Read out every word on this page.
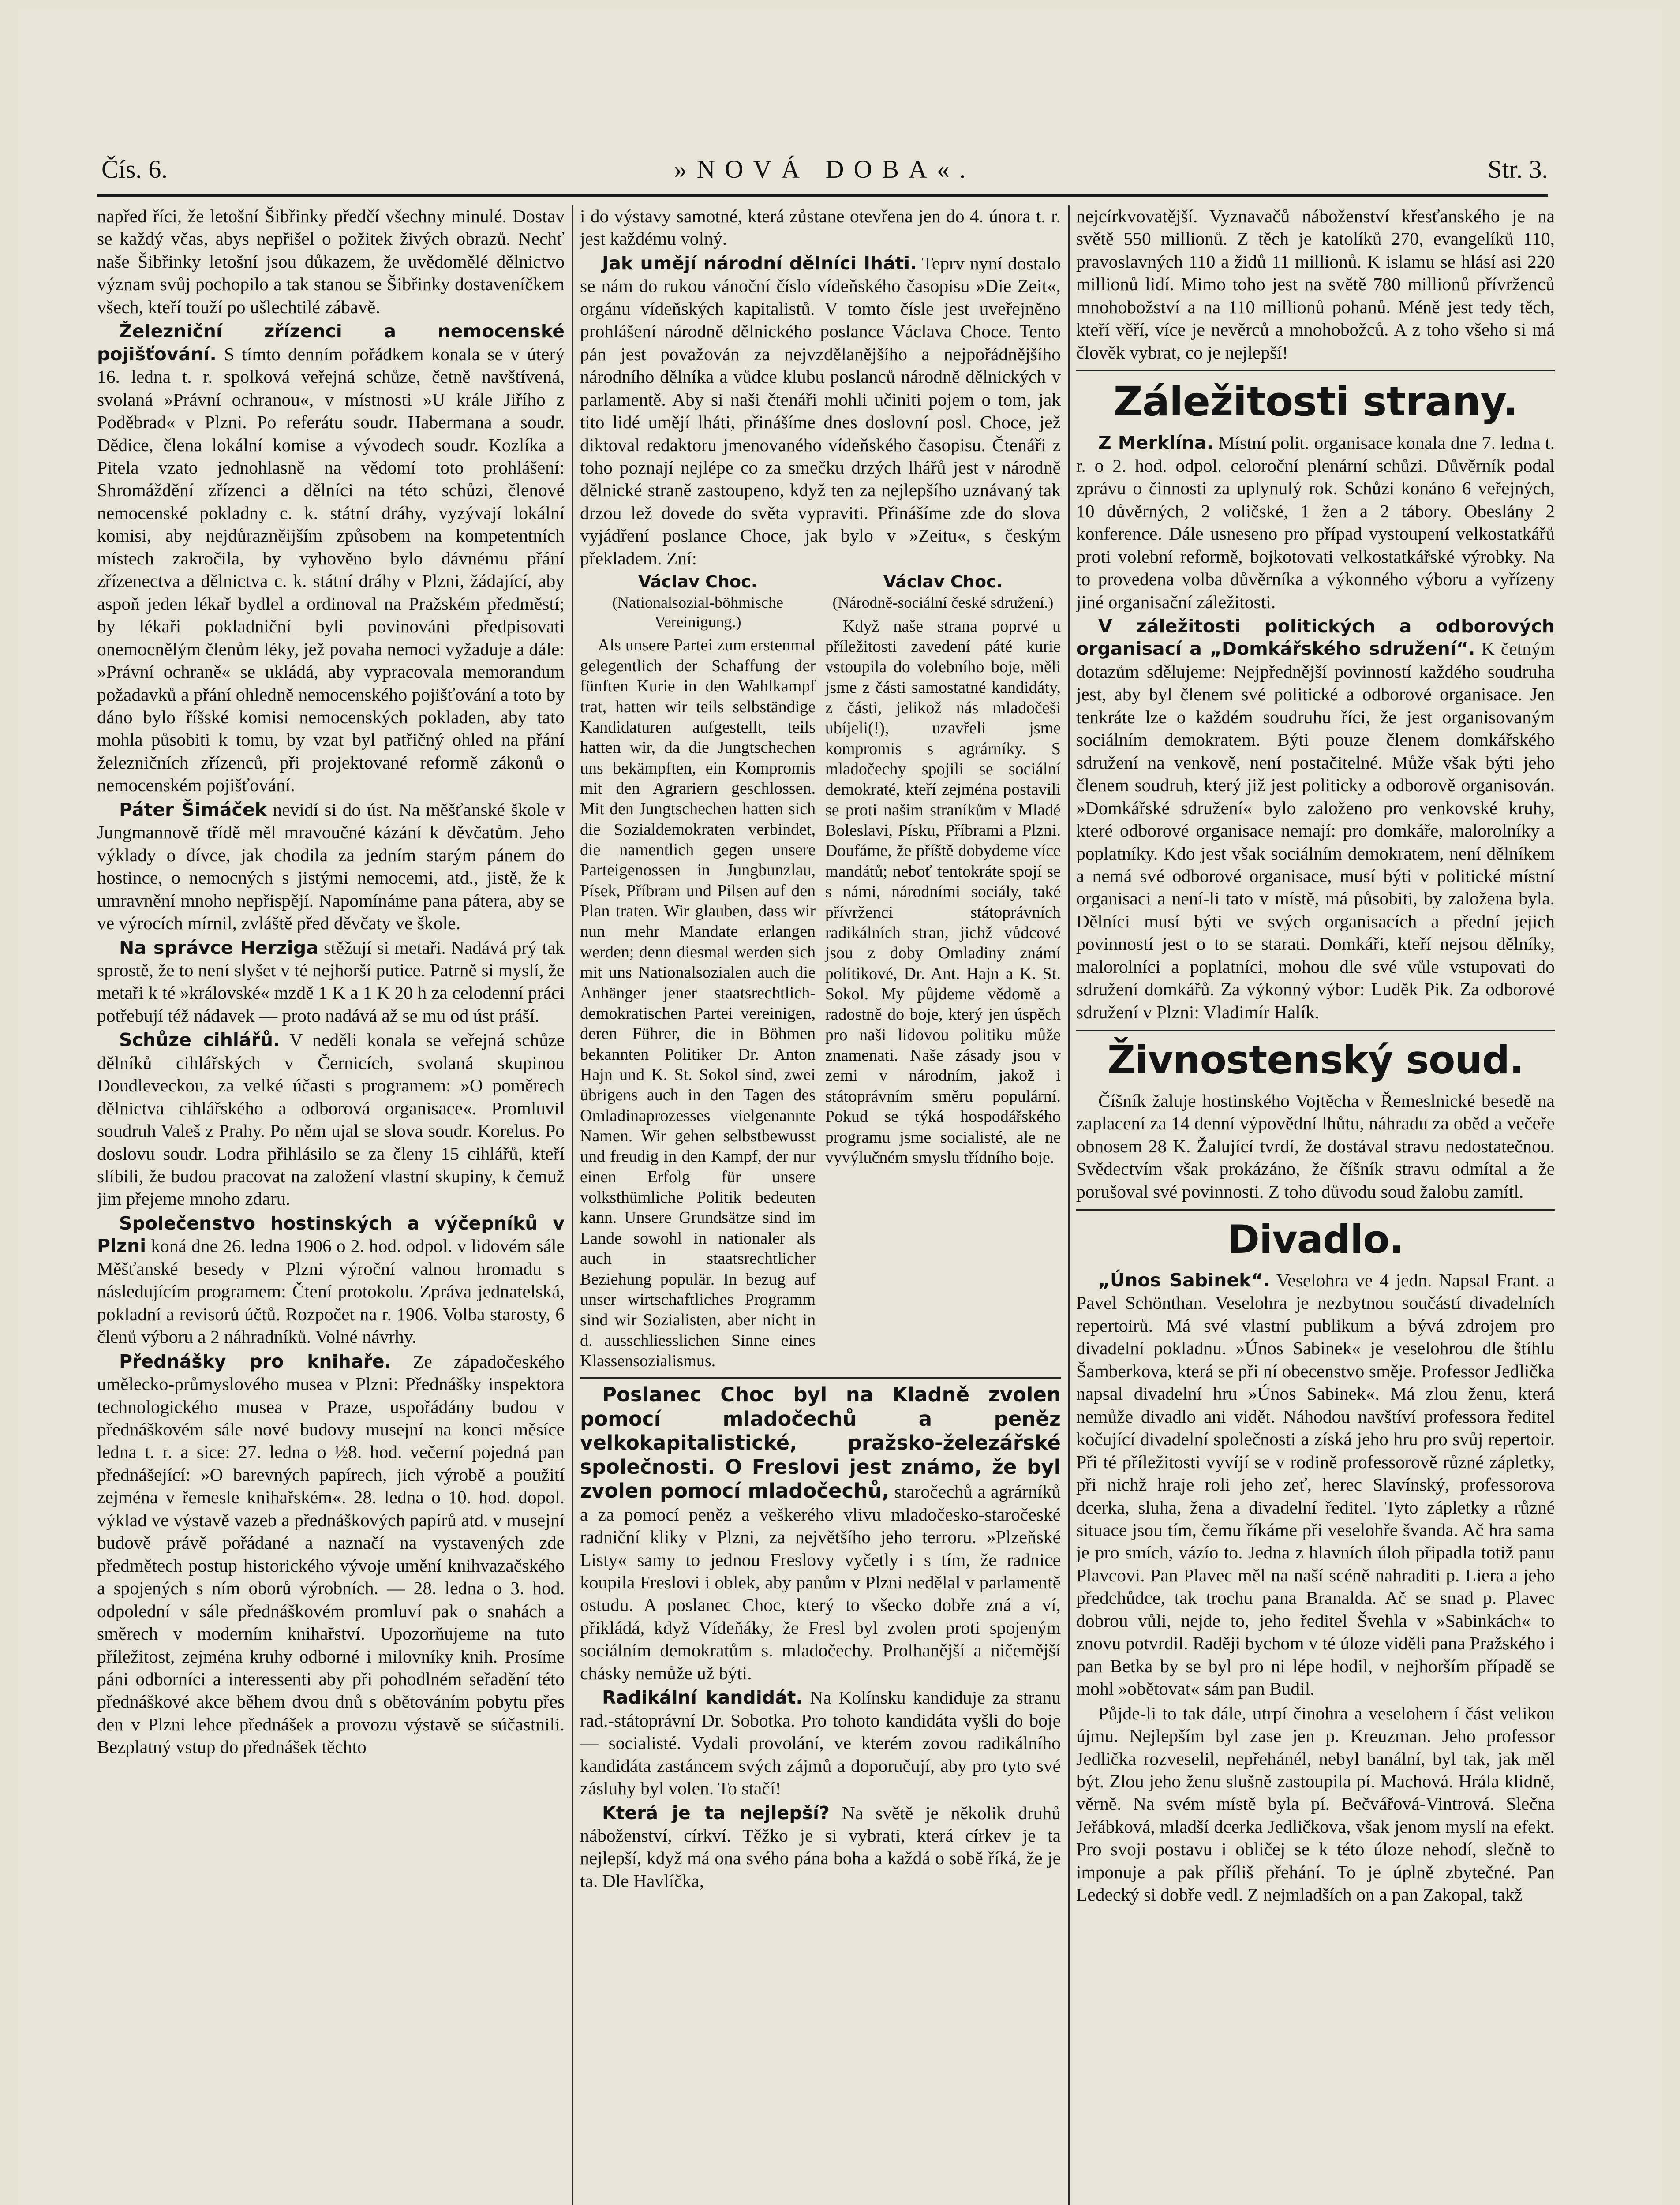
»NOVÁ DOBA«.
Čís. 6.	Str. 3.

napřed říci, že letošní Šibřinky předčí všechny minulé. Dostav se každý včas, abys nepřišel o požitek živých obrazů. Nechť naše Šibřinky letošní jsou důkazem, že uvědomělé dělnictvo význam svůj pochopilo a tak stanou se Šibřinky dostaveníčkem všech, kteří touží po ušlechtilé zábavě.

Železniční zřízenci a nemocenské pojišťování. S tímto denním pořádkem konala se v úterý 16. ledna t. r. spolková veřejná schůze, četně navštívená, svolaná »Právní ochranou«, v místnosti »U krále Jiřího z Poděbrad« v Plzni. Po referátu soudr. Habermana a soudr. Dědice, člena lokální komise a vývodech soudr. Kozlíka a Pitela vzato jednohlasně na vědomí toto prohlášení: Shromáždění zřízenci a dělníci na této schůzi, členové nemocenské pokladny c. k. státní dráhy, vyzývají lokální komisi, aby nejdůrazněijším způsobem na kompetentních místech zakročila, by vyhověno bylo dávnému přání zřízenectva a dělnictva c. k. státní dráhy v Plzni, žádající, aby aspoň jeden lékař bydlel a ordinoval na Pražském předměstí; by lékaři pokladniční byli povinováni předpisovati onemocnělým členům léky, jež povaha nemoci vyžaduje a dále: »Právní ochraně« se ukládá, aby vypracovala memorandum požadavků a přání ohledně nemocenského pojišťování a toto by dáno bylo říšské komisi nemocenských pokladen, aby tato mohla působiti k tomu, by vzat byl patřičný ohled na přání železničních zřízenců, při projektované reformě zákonů o nemocenském pojišťování.

Páter Šimáček nevidí si do úst. Na měšťanské škole v Jungmannově třídě měl mravoučné kázání k děvčatům. Jeho výklady o dívce, jak chodila za jedním starým pánem do hostince, o nemocných s jistými nemocemi, atd., jistě, že k umravnění mnoho nepřispějí. Napomínáme pana pátera, aby se ve výrocích mírnil, zvláště před děvčaty ve škole.

Na správce Herziga stěžují si metaři. Nadává prý tak sprostě, že to není slyšet v té nejhorší putice. Patrně si myslí, že metaři k té »královské« mzdě 1 K a 1 K 20 h za celodenní práci potřebují též nádavek — proto nadává až se mu od úst práší.

Schůze cihlářů. V neděli konala se veřejná schůze dělníků cihlářských v Černicích, svolaná skupinou Doudleveckou, za velké účasti s programem: »O poměrech dělnictva cihlářského a odborová organisace«. Promluvil soudruh Valeš z Prahy. Po něm ujal se slova soudr. Korelus. Po doslovu soudr. Lodra přihlásilo se za členy 15 cihlářů, kteří slíbili, že budou pracovat na založení vlastní skupiny, k čemuž jim přejeme mnoho zdaru.

Společenstvo hostinských a výčepníků v Plzni koná dne 26. ledna 1906 o 2. hod. odpol. v lidovém sále Měšťanské besedy v Plzni výroční valnou hromadu s následujícím programem: Čtení protokolu. Zpráva jednatelská, pokladní a revisorů účtů. Rozpočet na r. 1906. Volba starosty, 6 členů výboru a 2 náhradníků. Volné návrhy.

Přednášky pro knihaře. Ze západočeského umělecko-průmyslového musea v Plzni: Přednášky inspektora technologického musea v Praze, uspořádány budou v přednáškovém sále nové budovy musejní na konci měsíce ledna t. r. a sice: 27. ledna o ½8. hod. večerní pojedná pan přednášející: »O barevných papírech, jich výrobě a použití zejména v řemesle knihařském«. 28. ledna o 10. hod. dopol. výklad ve výstavě vazeb a přednáškových papírů atd. v musejní budově právě pořádané a naznačí na vystavených zde předmětech postup historického vývoje umění knihvazačského a spojených s ním oborů výrobních. — 28. ledna o 3. hod. odpolední v sále přednáškovém promluví pak o snahách a směrech v moderním knihařství. Upozorňujeme na tuto příležitost, zejména kruhy odborné i milovníky knih. Prosíme páni odborníci a interessenti aby při pohodlném seřadění této přednáškové akce během dvou dnů s obětováním pobytu přes den v Plzni lehce přednášek a provozu výstavě se súčastnili. Bezplatný vstup do přednášek těchto

i do výstavy samotné, která zůstane otevřena jen do 4. února t. r. jest každému volný.

Jak umějí národní dělníci lháti. Teprv nyní dostalo se nám do rukou vánoční číslo vídeňského časopisu »Die Zeit«, orgánu vídeňských kapitalistů. V tomto čísle jest uveřejněno prohlášení národně dělnického poslance Václava Choce. Tento pán jest považován za nejvzdělanějšího a nejpořádnějšího národního dělníka a vůdce klubu poslanců národně dělnických v parlamentě. Aby si naši čtenáři mohli učiniti pojem o tom, jak tito lidé umějí lháti, přinášíme dnes doslovní posl. Choce, jež diktoval redaktoru jmenovaného vídeňského časopisu. Čtenáři z toho poznají nejlépe co za smečku drzých lhářů jest v národně dělnické straně zastoupeno, když ten za nejlepšího uznávaný tak drzou lež dovede do světa vypraviti. Přinášíme zde do slova vyjádření poslance Choce, jak bylo v »Zeitu«, s českým překladem. Zní:

Václav Choc.
(Nationalsozial-böhmische Vereinigung.)

Als unsere Partei zum erstenmal gelegentlich der Schaffung der fünften Kurie in den Wahlkampf trat, hatten wir teils selbständige Kandidaturen aufgestellt, teils hatten wir, da die Jungtschechen uns bekämpften, ein Kompromis mit den Agrariern geschlossen. Mit den Jungtschechen hatten sich die Sozialdemokraten verbindet, die namentlich gegen unsere Parteigenossen in Jungbunzlau, Písek, Příbram und Pilsen auf den Plan traten. Wir glauben, dass wir nun mehr Mandate erlangen werden; denn diesmal werden sich mit uns Nationalsozialen auch die Anhänger jener staatsrechtlich-demokratischen Partei vereinigen, deren Führer, die in Böhmen bekannten Politiker Dr. Anton Hajn und K. St. Sokol sind, zwei übrigens auch in den Tagen des Omladinaprozesses vielgenannte Namen. Wir gehen selbstbewusst und freudig in den Kampf, der nur einen Erfolg für unsere volksthümliche Politik bedeuten kann. Unsere Grundsätze sind im Lande sowohl in nationaler als auch in staatsrechtlicher Beziehung populär. In bezug auf unser wirtschaftliches Programm sind wir Sozialisten, aber nicht in d. ausschliesslichen Sinne eines Klassensozialismus.

Václav Choc.
(Národně-sociální české sdružení.)

Když naše strana poprvé u příležitosti zavedení páté kurie vstoupila do volebního boje, měli jsme z části samostatné kandidáty, z části, jelikož nás mladočeši ubíjeli(!), uzavřeli jsme kompromis s agrárníky. S mladočechy spojili se sociální demokraté, kteří zejména postavili se proti našim straníkům v Mladé Boleslavi, Písku, Příbrami a Plzni. Doufáme, že příště dobydeme více mandátů; neboť tentokráte spojí se s námi, národními sociály, také přívrženci státoprávních radikálních stran, jichž vůdcové jsou z doby Omladiny známí politikové, Dr. Ant. Hajn a K. St. Sokol. My půjdeme vědomě a radostně do boje, který jen úspěch pro naši lidovou politiku může znamenati. Naše zásady jsou v zemi v národním, jakož i státoprávním směru populární. Pokud se týká hospodářského programu jsme socialisté, ale ne vyvýlučném smyslu třídního boje.

Poslanec Choc byl na Kladně zvolen pomocí mladočechů a peněz velkokapitalistické, pražsko-železářské společnosti. O Freslovi jest známo, že byl zvolen pomocí mladočechů, staročechů a agrárníků a za pomocí peněz a veškerého vlivu mladočesko-staročeské radniční kliky v Plzni, za největšího jeho terroru. »Plzeňské Listy« samy to jednou Freslovy vyčetly i s tím, že radnice koupila Freslovi i oblek, aby panům v Plzni nedělal v parlamentě ostudu. A poslanec Choc, který to všecko dobře zná a ví, přikládá, když Vídeňáky, že Fresl byl zvolen proti spojeným sociálním demokratům s. mladočechy. Prolhanější a ničemější chásky nemůže už býti.

Radikální kandidát. Na Kolínsku kandiduje za stranu rad.-státoprávní Dr. Sobotka. Pro tohoto kandidáta vyšli do boje — socialisté. Vydali provolání, ve kterém zovou radikálního kandidáta zastáncem svých zájmů a doporučují, aby pro tyto své zásluhy byl volen. To stačí!

Která je ta nejlepší? Na světě je několik druhů náboženství, církví. Těžko je si vybrati, která církev je ta nejlepší, když má ona svého pána boha a každá o sobě říká, že je ta. Dle Havlíčka,

nejcírkvovatější. Vyznavačů náboženství křesťanského je na světě 550 millionů. Z těch je katolíků 270, evangelíků 110, pravoslavných 110 a židů 11 millionů. K islamu se hlásí asi 220 millionů lidí. Mimo toho jest na světě 780 millionů přívrženců mnohobožství a na 110 millionů pohanů. Méně jest tedy těch, kteří věří, více je nevěrců a mnohobožců. A z toho všeho si má člověk vybrat, co je nejlepší!

Záležitosti strany.

Z Merklína. Místní polit. organisace konala dne 7. ledna t. r. o 2. hod. odpol. celoroční plenární schůzi. Důvěrník podal zprávu o činnosti za uplynulý rok. Schůzi konáno 6 veřejných, 10 důvěrných, 2 voličské, 1 žen a 2 tábory. Obeslány 2 konference. Dále usneseno pro případ vystoupení velkostatkářů proti volební reformě, bojkotovati velkostatkářské výrobky. Na to provedena volba důvěrníka a výkonného výboru a vyřízeny jiné organisační záležitosti.

V záležitosti politických a odborových organisací a „Domkářského sdružení“. K četným dotazům sdělujeme: Nejpřednější povinností každého soudruha jest, aby byl členem své politické a odborové organisace. Jen tenkráte lze o každém soudruhu říci, že jest organisovaným sociálním demokratem. Býti pouze členem domkářského sdružení na venkově, není postačitelné. Může však býti jeho členem soudruh, který již jest politicky a odborově organisován. »Domkářské sdružení« bylo založeno pro venkovské kruhy, které odborové organisace nemají: pro domkáře, malorolníky a poplatníky. Kdo jest však sociálním demokratem, není dělníkem a nemá své odborové organisace, musí býti v politické místní organisaci a není-li tato v místě, má působiti, by založena byla. Dělníci musí býti ve svých organisacích a přední jejich povinností jest o to se starati. Domkáři, kteří nejsou dělníky, malorolníci a poplatníci, mohou dle své vůle vstupovati do sdružení domkářů. Za výkonný výbor: Luděk Pik. Za odborové sdružení v Plzni: Vladimír Halík.

Živnostenský soud.

Číšník žaluje hostinského Vojtěcha v Řemeslnické besedě na zaplacení za 14 denní výpovědní lhůtu, náhradu za oběd a večeře obnosem 28 K. Žalující tvrdí, že dostával stravu nedostatečnou. Svědectvím však prokázáno, že číšník stravu odmítal a že porušoval své povinnosti. Z toho důvodu soud žalobu zamítl.

Divadlo.

„Únos Sabinek“. Veselohra ve 4 jedn. Napsal Frant. a Pavel Schönthan. Veselohra je nezbytnou součástí divadelních repertoirů. Má své vlastní publikum a bývá zdrojem pro divadelní pokladnu. »Únos Sabinek« je veselohrou dle štíhlu Šamberkova, která se při ní obecenstvo směje. Professor Jedlička napsal divadelní hru »Únos Sabinek«. Má zlou ženu, která nemůže divadlo ani vidět. Náhodou navštíví professora ředitel kočující divadelní společnosti a získá jeho hru pro svůj repertoir. Při té příležitosti vyvíjí se v rodině professorově různé zápletky, při nichž hraje roli jeho zeť, herec Slavínský, professorova dcerka, sluha, žena a divadelní ředitel. Tyto zápletky a různé situace jsou tím, čemu říkáme při veselohře švanda. Ač hra sama je pro smích, vázío to. Jedna z hlavních úloh připadla totiž panu Plavcovi. Pan Plavec měl na naší scéně nahraditi p. Liera a jeho předchůdce, tak trochu pana Branalda. Ač se snad p. Plavec dobrou vůli, nejde to, jeho ředitel Švehla v »Sabinkách« to znovu potvrdil. Raději bychom v té úloze viděli pana Pražského i pan Betka by se byl pro ni lépe hodil, v nejhorším případě se mohl »obětovat« sám pan Budil.

Půjde-li to tak dále, utrpí činohra a veselohern í část velikou újmu. Nejlepším byl zase jen p. Kreuzman. Jeho professor Jedlička rozveselil, nepřehánél, nebyl banální, byl tak, jak měl být. Zlou jeho ženu slušně zastoupila pí. Machová. Hrála klidně, věrně. Na svém místě byla pí. Bečvářová-Vintrová. Slečna Jeřábková, mladší dcerka Jedličkova, však jenom myslí na efekt. Pro svoji postavu i obličej se k této úloze nehodí, slečně to imponuje a pak příliš přehání. To je úplně zbytečné. Pan Ledecký si dobře vedl. Z nejmladších on a pan Zakopal, takž
